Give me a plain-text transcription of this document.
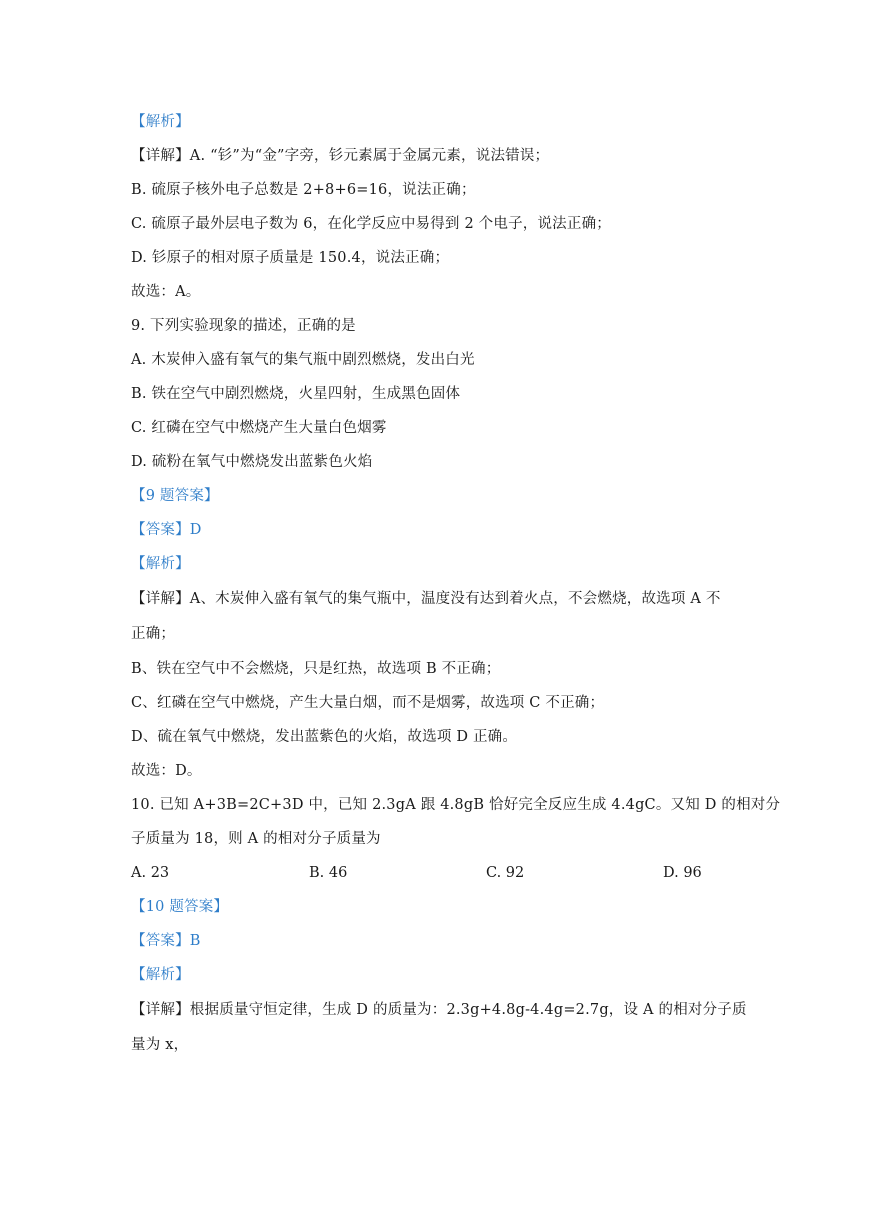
【解析】
【详解】A. “钐”为“金”字旁，钐元素属于金属元素，说法错误；
B. 硫原子核外电子总数是 2+8+6=16，说法正确；
C. 硫原子最外层电子数为 6，在化学反应中易得到 2 个电子，说法正确；
D. 钐原子的相对原子质量是 150.4，说法正确；
故选：A。
9. 下列实验现象的描述，正确的是
A. 木炭伸入盛有氧气的集气瓶中剧烈燃烧，发出白光
B. 铁在空气中剧烈燃烧，火星四射，生成黑色固体
C. 红磷在空气中燃烧产生大量白色烟雾
D. 硫粉在氧气中燃烧发出蓝紫色火焰
【9 题答案】
【答案】D
【解析】
【详解】A、木炭伸入盛有氧气的集气瓶中，温度没有达到着火点，不会燃烧，故选项 A 不
正确；
B、铁在空气中不会燃烧，只是红热，故选项 B 不正确；
C、红磷在空气中燃烧，产生大量白烟，而不是烟雾，故选项 C 不正确；
D、硫在氧气中燃烧，发出蓝紫色的火焰，故选项 D 正确。
故选：D。
10. 已知 A+3B=2C+3D 中，已知 2.3gA 跟 4.8gB 恰好完全反应生成 4.4gC。又知 D 的相对分
子质量为 18，则 A 的相对分子质量为
A. 23	B. 46	C. 92	D. 96
【10 题答案】
【答案】B
【解析】
【详解】根据质量守恒定律，生成 D 的质量为：2.3g+4.8g-4.4g=2.7g，设 A 的相对分子质
量为 x，
